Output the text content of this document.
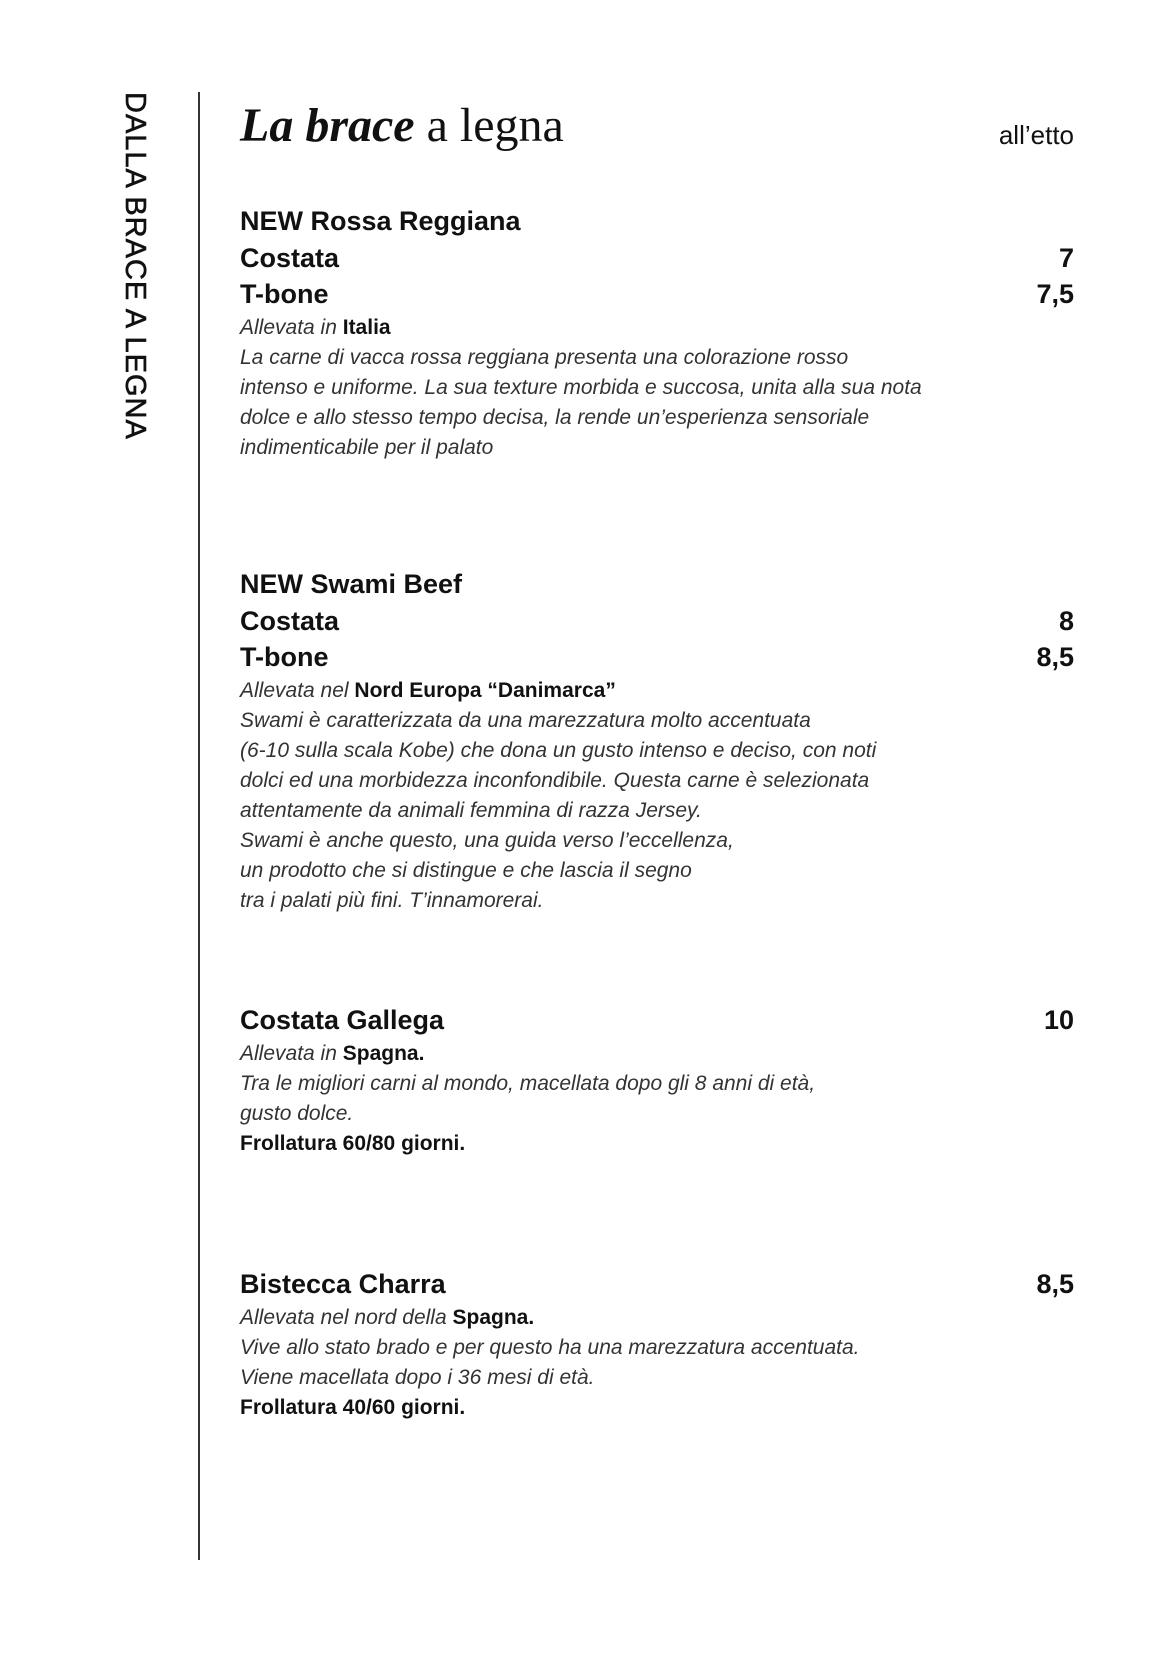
DALLA BRACE A LEGNA La brace a legna	all’etto
NEW Rossa Reggiana
Costata	7
T-bone	7,5
Allevata in Italia
La carne di vacca rossa reggiana presenta una colorazione rosso
intenso e uniforme. La sua texture morbida e succosa, unita alla sua nota
dolce e allo stesso tempo decisa, la rende un’esperienza sensoriale
indimenticabile per il palato
NEW Swami Beef
Costata	8
T-bone	8,5
Allevata nel Nord Europa “Danimarca”
Swami è caratterizzata da una marezzatura molto accentuata
(6-10 sulla scala Kobe) che dona un gusto intenso e deciso, con noti
dolci ed una morbidezza inconfondibile. Questa carne è selezionata
attentamente da animali femmina di razza Jersey.
Swami è anche questo, una guida verso l’eccellenza,
un prodotto che si distingue e che lascia il segno
tra i palati più fini. T’innamorerai.
Costata Gallega	10
Allevata in Spagna.
Tra le migliori carni al mondo, macellata dopo gli 8 anni di età,
gusto dolce.
Frollatura 60/80 giorni.
Bistecca Charra	8,5
Allevata nel nord della Spagna.
Vive allo stato brado e per questo ha una marezzatura accentuata.
Viene macellata dopo i 36 mesi di età.
Frollatura 40/60 giorni.
